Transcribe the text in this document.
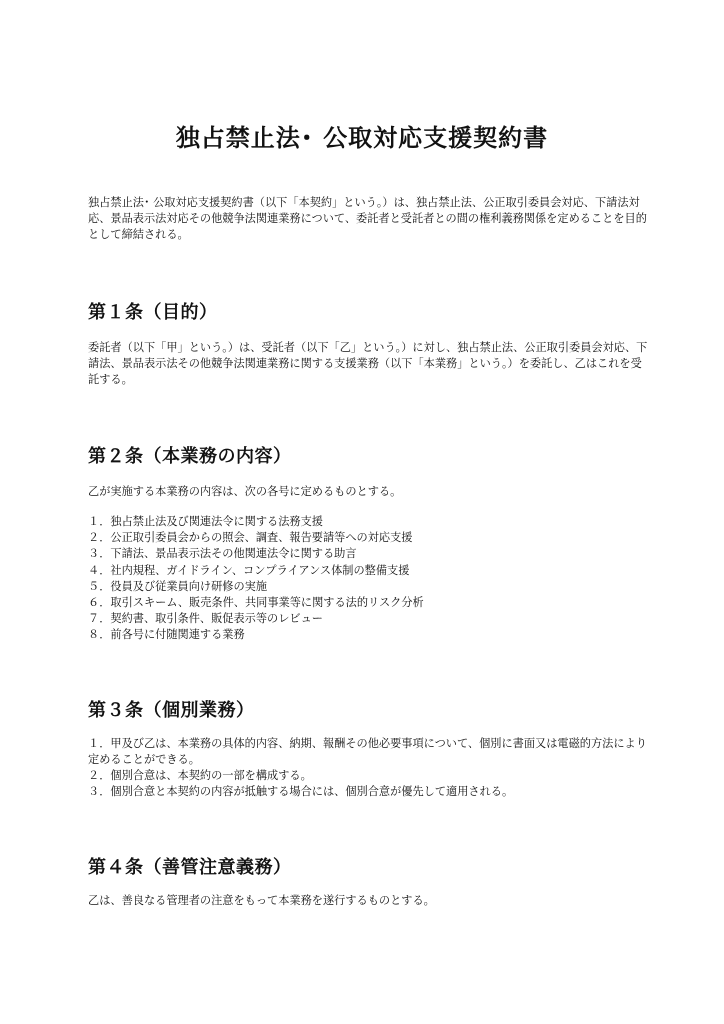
独占禁止法･ 公取対応支援契約書

独占禁止法･ 公取対応支援契約書（以下「本契約」という。）は、独占禁止法、公正取引委員会対応、下請法対応、景品表示法対応その他競争法関連業務について、委託者と受託者との間の権利義務関係を定めることを目的として締結される。

第１条（目的）

委託者（以下「甲」という。）は、受託者（以下「乙」という。）に対し、独占禁止法、公正取引委員会対応、下請法、景品表示法その他競争法関連業務に関する支援業務（以下「本業務」という。）を委託し、乙はこれを受託する。

第２条（本業務の内容）

乙が実施する本業務の内容は、次の各号に定めるものとする。

１．独占禁止法及び関連法令に関する法務支援
２．公正取引委員会からの照会、調査、報告要請等への対応支援
３．下請法、景品表示法その他関連法令に関する助言
４．社内規程、ガイドライン、コンプライアンス体制の整備支援
５．役員及び従業員向け研修の実施
６．取引スキーム、販売条件、共同事業等に関する法的リスク分析
７．契約書、取引条件、販促表示等のレビュー
８．前各号に付随関連する業務
第３条（個別業務）
１．甲及び乙は、本業務の具体的内容、納期、報酬その他必要事項について、個別に書面又は電磁的方法により定めることができる。
２．個別合意は、本契約の一部を構成する。
３．個別合意と本契約の内容が抵触する場合には、個別合意が優先して適用される。
第４条（善管注意義務）

乙は、善良なる管理者の注意をもって本業務を遂行するものとする。
